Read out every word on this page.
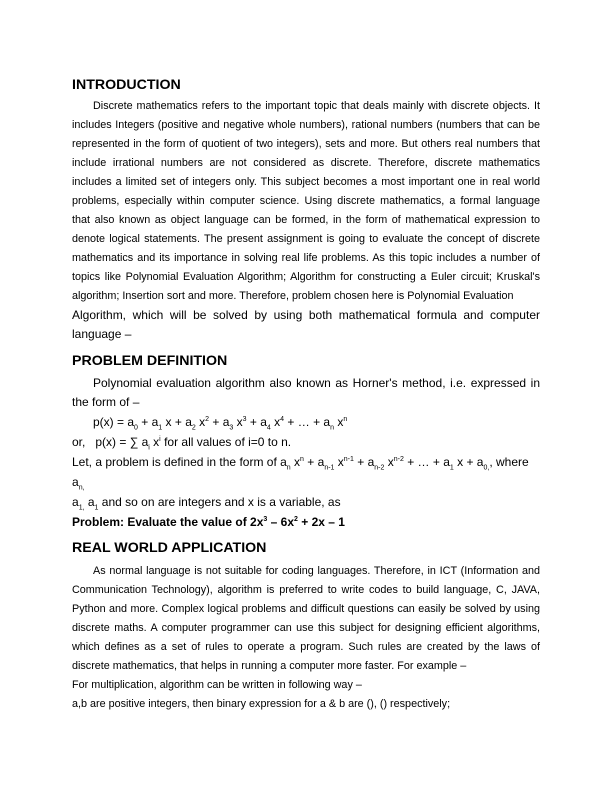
INTRODUCTION

Discrete mathematics refers to the important topic that deals mainly with discrete objects. It includes Integers (positive and negative whole numbers), rational numbers (numbers that can be represented in the form of quotient of two integers), sets and more. But others real numbers that include irrational numbers are not considered as discrete. Therefore, discrete mathematics includes a limited set of integers only. This subject becomes a most important one in real world problems, especially within computer science. Using discrete mathematics, a formal language that also known as object language can be formed, in the form of mathematical expression to denote logical statements. The present assignment is going to evaluate the concept of discrete mathematics and its importance in solving real life problems. As this topic includes a number of topics like Polynomial Evaluation Algorithm; Algorithm for constructing a Euler circuit; Kruskal's algorithm; Insertion sort and more. Therefore, problem chosen here is Polynomial Evaluation

Algorithm, which will be solved by using both mathematical formula and computer language –

PROBLEM DEFINITION

Polynomial evaluation algorithm also known as Horner's method, i.e. expressed in the form of –

$p(x) = a_0 + a_1$ $x + a_2$ $x^2 + a_3$ $x^3 + a_4$ $x^4$ + … + $a_n$ $x^n$
or, p(x) = ∑ $a_i$ $x^i$ for all values of i=0 to n.
Let, a problem is defined in the form of $a_n$ $x^n + a_{n-1}$ $x^{n-1} + a_{n-2}$ $x^{n-2}$ + … + $a_1$ $x + a_{0,}$, where $a_{n,}$
$a_{1,}$ $a_1$ and so on are integers and x is a variable, as
Problem: Evaluate the value of $2x^3 - 6x^2 + 2x - 1$
REAL WORLD APPLICATION

As normal language is not suitable for coding languages. Therefore, in ICT (Information and Communication Technology), algorithm is preferred to write codes to build language, C, JAVA, Python and more. Complex logical problems and difficult questions can easily be solved by using discrete maths. A computer programmer can use this subject for designing efficient algorithms, which defines as a set of rules to operate a program. Such rules are created by the laws of discrete mathematics, that helps in running a computer more faster. For example –

For multiplication, algorithm can be written in following way –

a,b are positive integers, then binary expression for a & b are (), () respectively;
